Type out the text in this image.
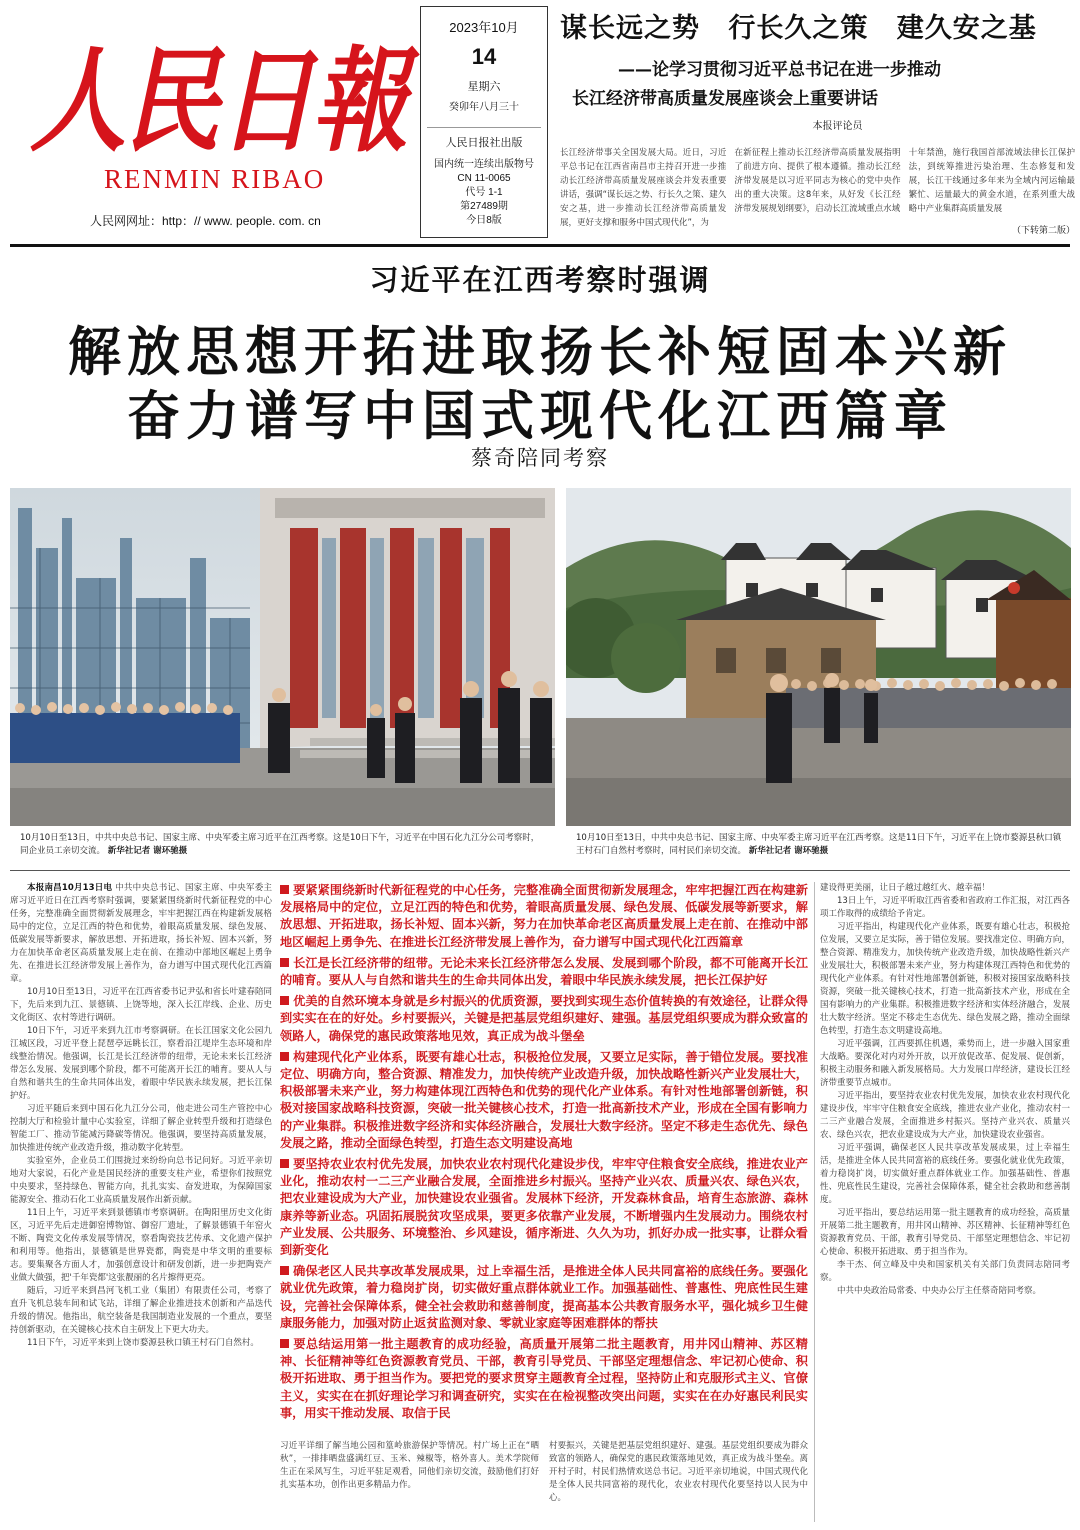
人民日報
RENMIN RIBAO
人民网网址：http：// www. people. com. cn
2023年10月
14
星期六
癸卯年八月三十
人民日报社出版
国内统一连续出版物号
CN 11-0065
代号 1-1
第27489期
今日8版
谋长远之势 行长久之策 建久安之基
——论学习贯彻习近平总书记在进一步推动
长江经济带高质量发展座谈会上重要讲话
本报评论员
长江经济带事关全国发展大局。近日，习近平总书记在江西省南昌市主持召开进一步推动长江经济带高质量发展座谈会并发表重要讲话，强调“谋长远之势、行长久之策、建久安之基，进一步推动长江经济带高质量发展，更好支撑和服务中国式现代化”，为
在新征程上推动长江经济带高质量发展指明了前进方向、提供了根本遵循。推动长江经济带发展是以习近平同志为核心的党中央作出的重大决策。这8年来，从好发《长江经济带发展规划纲要》，启动长江流域重点水域
十年禁渔，施行我国首部流域法律长江保护法，到统筹推进污染治理、生态修复和发展，长江干线通过多年来为全域内河运输最繁忙、运量最大的黄金水道，在系列重大战略中产业集群高质量发展
（下转第二版）
习近平在江西考察时强调
解放思想开拓进取扬长补短固本兴新
奋力谱写中国式现代化江西篇章
蔡奇陪同考察
10月10日至13日，中共中央总书记、国家主席、中央军委主席习近平在江西考察。这是10日下午，习近平在中国石化九江分公司考察时，同企业员工亲切交流。 新华社记者 谢环驰摄
10月10日至13日，中共中央总书记、国家主席、中央军委主席习近平在江西考察。这是11日下午，习近平在上饶市婺源县秋口镇王村石门自然村考察时，同村民们亲切交流。 新华社记者 谢环驰摄

本报南昌10月13日电 中共中央总书记、国家主席、中央军委主席习近平近日在江西考察时强调，要紧紧围绕新时代新征程党的中心任务，完整准确全面贯彻新发展理念，牢牢把握江西在构建新发展格局中的定位，立足江西的特色和优势，着眼高质量发展、绿色发展、低碳发展等新要求，解放思想、开拓进取，扬长补短、固本兴新，努力在加快革命老区高质量发展上走在前、在推动中部地区崛起上勇争先、在推进长江经济带发展上善作为，奋力谱写中国式现代化江西篇章。

10月10日至13日，习近平在江西省委书记尹弘和省长叶建春陪同下，先后来到九江、景德镇、上饶等地，深入长江岸线、企业、历史文化街区、农村等进行调研。

10日下午，习近平来到九江市考察调研。在长江国家文化公园九江城区段，习近平登上琵琶亭远眺长江，察看沿江堤岸生态环境和岸线整治情况。他强调，长江是长江经济带的纽带，无论未来长江经济带怎么发展、发展到哪个阶段，都不可能离开长江的哺育。要从人与自然和谐共生的生命共同体出发，着眼中华民族永续发展，把长江保护好。

习近平随后来到中国石化九江分公司，他走进公司生产管控中心控制大厅和检验计量中心实验室，详细了解企业转型升级和打造绿色智能工厂、推动节能减污降碳等情况。他强调，要坚持高质量发展，加快推进传统产业改造升级，推动数字化转型。

实验室外，企业员工们围拢过来纷纷向总书记问好。习近平亲切地对大家说，石化产业是国民经济的重要支柱产业，希望你们按照党中央要求，坚持绿色、智能方向，扎扎实实、奋发进取，为保障国家能源安全、推动石化工业高质量发展作出新贡献。

11日上午，习近平来到景德镇市考察调研。在陶阳里历史文化街区，习近平先后走进御窑博物馆、御窑厂遗址，了解景德镇千年窑火不断、陶瓷文化传承发展等情况，察看陶瓷技艺传承、文化遗产保护和利用等。他指出，景德镇是世界瓷都，陶瓷是中华文明的重要标志。要集聚各方面人才，加强创意设计和研发创新，进一步把陶瓷产业做大做强，把'千年瓷都'这张靓丽的名片擦得更亮。

随后，习近平来到昌河飞机工业（集团）有限责任公司，考察了直升飞机总装车间和试飞站，详细了解企业推进技术创新和产品迭代升级的情况。他指出，航空装备是我国制造业发展的一个重点，要坚持创新驱动，在关键核心技术自主研发上下更大功夫。

11日下午，习近平来到上饶市婺源县秋口镇王村石门自然村。

要紧紧围绕新时代新征程党的中心任务，完整准确全面贯彻新发展理念，牢牢把握江西在构建新发展格局中的定位，立足江西的特色和优势，着眼高质量发展、绿色发展、低碳发展等新要求，解放思想、开拓进取，扬长补短、固本兴新，努力在加快革命老区高质量发展上走在前、在推动中部地区崛起上勇争先、在推进长江经济带发展上善作为，奋力谱写中国式现代化江西篇章

长江是长江经济带的纽带。无论未来长江经济带怎么发展、发展到哪个阶段，都不可能离开长江的哺育。要从人与自然和谐共生的生命共同体出发，着眼中华民族永续发展，把长江保护好

优美的自然环境本身就是乡村振兴的优质资源，要找到实现生态价值转换的有效途径，让群众得到实实在在的好处。乡村要振兴，关键是把基层党组织建好、建强。基层党组织要成为群众致富的领路人，确保党的惠民政策落地见效，真正成为战斗堡垒

构建现代化产业体系，既要有雄心壮志，积极抢位发展，又要立足实际，善于错位发展。要找准定位、明确方向，整合资源、精准发力，加快传统产业改造升级，加快战略性新兴产业发展壮大，积极部署未来产业，努力构建体现江西特色和优势的现代化产业体系。有针对性地部署创新链，积极对接国家战略科技资源，突破一批关键核心技术，打造一批高新技术产业，形成在全国有影响力的产业集群。积极推进数字经济和实体经济融合，发展壮大数字经济。坚定不移走生态优先、绿色发展之路，推动全面绿色转型，打造生态文明建设高地

要坚持农业农村优先发展，加快农业农村现代化建设步伐，牢牢守住粮食安全底线，推进农业产业化，推动农村一二三产业融合发展，全面推进乡村振兴。坚持产业兴农、质量兴农、绿色兴农，把农业建设成为大产业，加快建设农业强省。发展林下经济，开发森林食品，培育生态旅游、森林康养等新业态。巩固拓展脱贫攻坚成果，要更多依靠产业发展，不断增强内生发展动力。围绕农村产业发展、公共服务、环境整治、乡风建设，循序渐进、久久为功，抓好办成一批实事，让群众看到新变化

确保老区人民共享改革发展成果，过上幸福生活，是推进全体人民共同富裕的底线任务。要强化就业优先政策，着力稳岗扩岗，切实做好重点群体就业工作。加强基础性、普惠性、兜底性民生建设，完善社会保障体系，健全社会救助和慈善制度，提高基本公共教育服务水平，强化城乡卫生健康服务能力，加强对防止返贫监测对象、零就业家庭等困难群体的帮扶

要总结运用第一批主题教育的成功经验，高质量开展第二批主题教育，用井冈山精神、苏区精神、长征精神等红色资源教育党员、干部，教育引导党员、干部坚定理想信念、牢记初心使命、积极开拓进取、勇于担当作为。要把党的要求贯穿主题教育全过程，坚持防止和克服形式主义、官僚主义，实实在在抓好理论学习和调查研究，实实在在检视整改突出问题，实实在在办好惠民利民实事，用实干推动发展、取信于民

习近平详细了解当地公园和篁岭旅游保护等情况。村广场上正在“晒秋”，一排排晒盘盛满红豆、玉米、辣椒等，格外喜人。美术学院师生正在采风写生，习近平驻足观看，同他们亲切交流，鼓励他们打好扎实基本功，创作出更多精品力作。
村要振兴，关键是把基层党组织建好、建强。基层党组织要成为群众致富的领路人，确保党的惠民政策落地见效，真正成为战斗堡垒。离开村子时，村民们热情欢送总书记。习近平亲切地说，中国式现代化是全体人民共同富裕的现代化，农业农村现代化要坚持以人民为中心。

建设得更美丽，让日子越过越红火、越幸福！

13日上午，习近平听取江西省委和省政府工作汇报，对江西各项工作取得的成绩给予肯定。

习近平指出，构建现代化产业体系，既要有雄心壮志，积极抢位发展，又要立足实际，善于错位发展。要找准定位、明确方向，整合资源、精准发力，加快传统产业改造升级，加快战略性新兴产业发展壮大，积极部署未来产业，努力构建体现江西特色和优势的现代化产业体系。有针对性地部署创新链，积极对接国家战略科技资源，突破一批关键核心技术，打造一批高新技术产业，形成在全国有影响力的产业集群。积极推进数字经济和实体经济融合，发展壮大数字经济。坚定不移走生态优先、绿色发展之路，推动全面绿色转型，打造生态文明建设高地。

习近平强调，江西要抓住机遇，乘势而上，进一步融入国家重大战略。要深化对内对外开放，以开放促改革、促发展、促创新，积极主动服务和融入新发展格局。大力发展口岸经济，建设长江经济带重要节点城市。

习近平指出，要坚持农业农村优先发展，加快农业农村现代化建设步伐，牢牢守住粮食安全底线，推进农业产业化，推动农村一二三产业融合发展，全面推进乡村振兴。坚持产业兴农、质量兴农、绿色兴农，把农业建设成为大产业，加快建设农业强省。

习近平强调，确保老区人民共享改革发展成果，过上幸福生活，是推进全体人民共同富裕的底线任务。要强化就业优先政策，着力稳岗扩岗，切实做好重点群体就业工作。加强基础性、普惠性、兜底性民生建设，完善社会保障体系，健全社会救助和慈善制度。

习近平指出，要总结运用第一批主题教育的成功经验，高质量开展第二批主题教育，用井冈山精神、苏区精神、长征精神等红色资源教育党员、干部，教育引导党员、干部坚定理想信念、牢记初心使命、积极开拓进取、勇于担当作为。

李干杰、何立峰及中央和国家机关有关部门负责同志陪同考察。

中共中央政治局常委、中央办公厅主任蔡奇陪同考察。
